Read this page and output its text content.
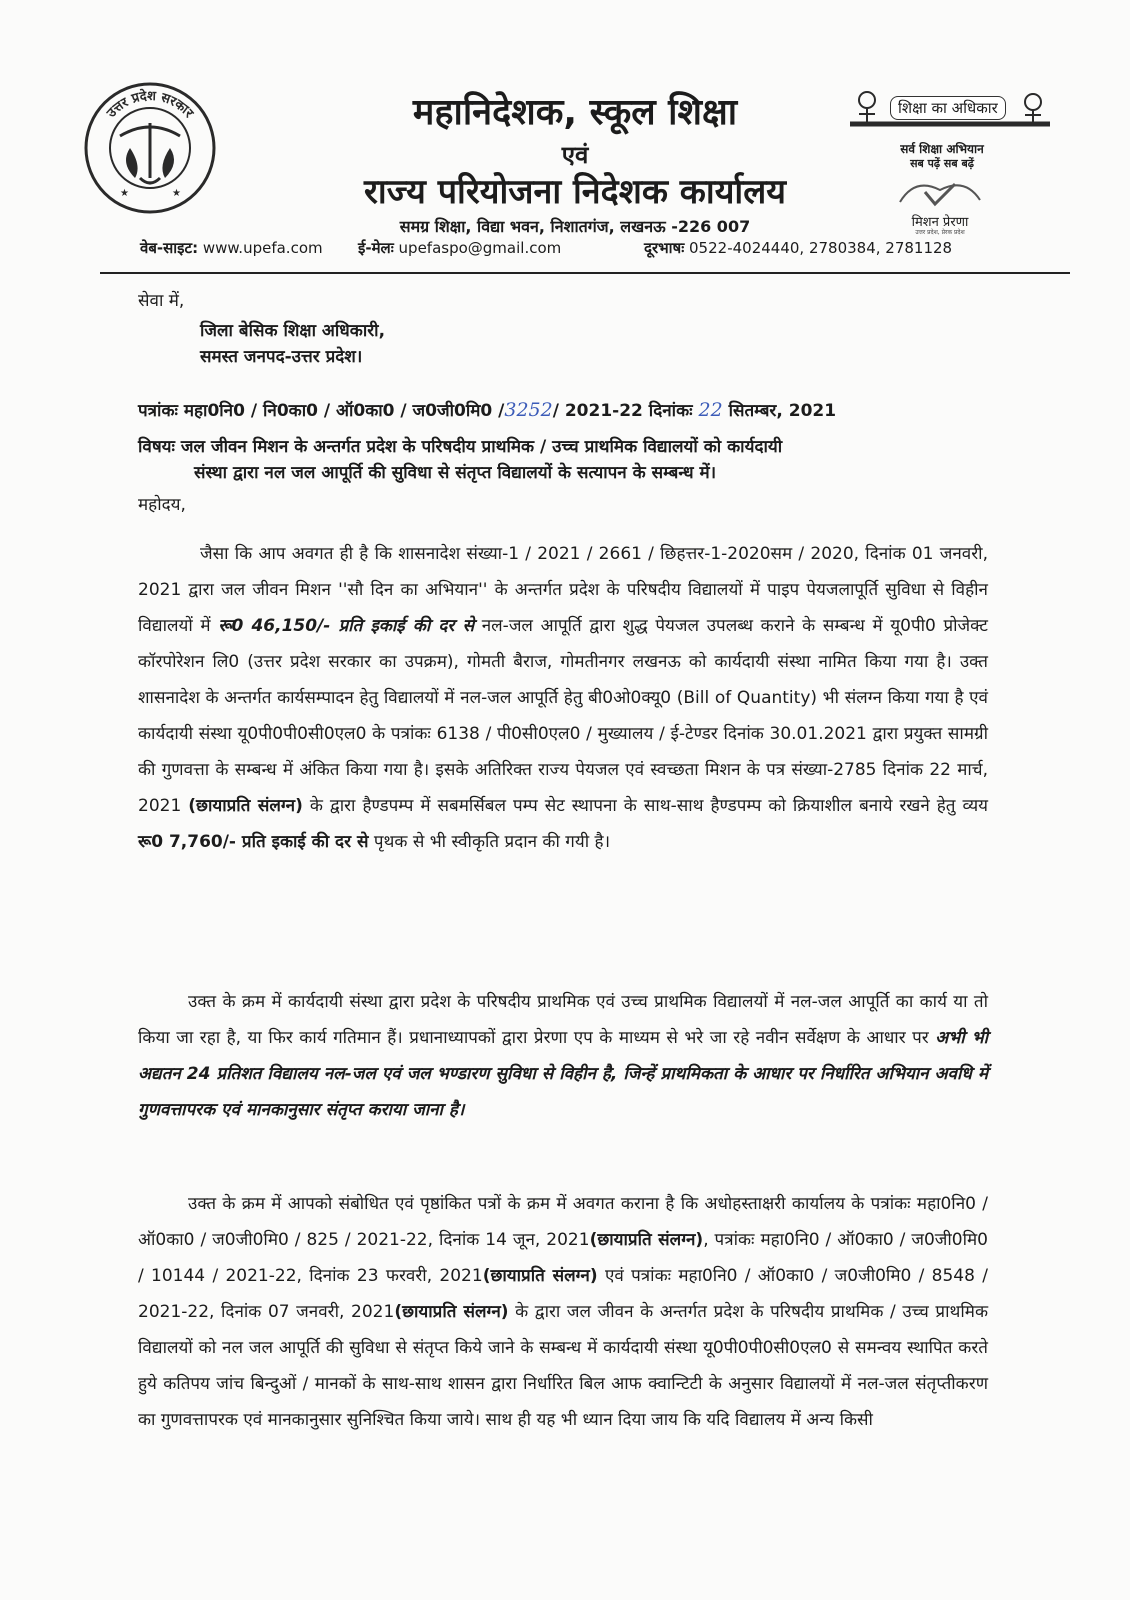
उत्तर प्रदेश सरकार
★	★
महानिदेशक, स्कूल शिक्षा
एवं
राज्य परियोजना निदेशक कार्यालय
समग्र शिक्षा, विद्या भवन, निशातगंज, लखनऊ -226 007
वेब-साइट: www.upefa.com ई-मेलः upefaspo@gmail.com	दूरभाषः 0522-4024440, 2780384, 2781128
शिक्षा का अधिकार
सर्व शिक्षा अभियान
सब पढ़ें सब बढ़ें
मिशन प्रेरणा
उत्तर प्रदेश, प्रेरक प्रदेश
सेवा में,
जिला बेसिक शिक्षा अधिकारी,
समस्त जनपद-उत्तर प्रदेश।
पत्रांकः महा0नि0 / नि0का0 / ऑ0का0 / ज0जी0मि0 /3252/ 2021-22 दिनांकः 22 सितम्बर, 2021
विषयः जल जीवन मिशन के अन्तर्गत प्रदेश के परिषदीय प्राथमिक / उच्च प्राथमिक विद्यालयों को कार्यदायी
संस्था द्वारा नल जल आपूर्ति की सुविधा से संतृप्त विद्यालयों के सत्यापन के सम्बन्ध में।
महोदय,
जैसा कि आप अवगत ही है कि शासनादेश संख्या-1 / 2021 / 2661 / छिहत्तर-1-2020सम / 2020, दिनांक 01 जनवरी, 2021 द्वारा जल जीवन मिशन ''सौ दिन का अभियान'' के अन्तर्गत प्रदेश के परिषदीय विद्यालयों में पाइप पेयजलापूर्ति सुविधा से विहीन विद्यालयों में रू0 46,150/- प्रति इकाई की दर से नल-जल आपूर्ति द्वारा शुद्ध पेयजल उपलब्ध कराने के सम्बन्ध में यू0पी0 प्रोजेक्ट कॉरपोरेशन लि0 (उत्तर प्रदेश सरकार का उपक्रम), गोमती बैराज, गोमतीनगर लखनऊ को कार्यदायी संस्था नामित किया गया है। उक्त शासनादेश के अन्तर्गत कार्यसम्पादन हेतु विद्यालयों में नल-जल आपूर्ति हेतु बी0ओ0क्यू0 (Bill of Quantity) भी संलग्न किया गया है एवं कार्यदायी संस्था यू0पी0पी0सी0एल0 के पत्रांकः 6138 / पी0सी0एल0 / मुख्यालय / ई-टेण्डर दिनांक 30.01.2021 द्वारा प्रयुक्त सामग्री की गुणवत्ता के सम्बन्ध में अंकित किया गया है। इसके अतिरिक्त राज्य पेयजल एवं स्वच्छता मिशन के पत्र संख्या-2785 दिनांक 22 मार्च, 2021 (छायाप्रति संलग्न) के द्वारा हैण्डपम्प में सबमर्सिबल पम्प सेट स्थापना के साथ-साथ हैण्डपम्प को क्रियाशील बनाये रखने हेतु व्यय रू0 7,760/- प्रति इकाई की दर से पृथक से भी स्वीकृति प्रदान की गयी है।
उक्त के क्रम में कार्यदायी संस्था द्वारा प्रदेश के परिषदीय प्राथमिक एवं उच्च प्राथमिक विद्यालयों में नल-जल आपूर्ति का कार्य या तो किया जा रहा है, या फिर कार्य गतिमान हैं। प्रधानाध्यापकों द्वारा प्रेरणा एप के माध्यम से भरे जा रहे नवीन सर्वेक्षण के आधार पर अभी भी अद्यतन 24 प्रतिशत विद्यालय नल-जल एवं जल भण्डारण सुविधा से विहीन है, जिन्हें प्राथमिकता के आधार पर निर्धारित अभियान अवधि में गुणवत्तापरक एवं मानकानुसार संतृप्त कराया जाना है।
उक्त के क्रम में आपको संबोधित एवं पृष्ठांकित पत्रों के क्रम में अवगत कराना है कि अधोहस्ताक्षरी कार्यालय के पत्रांकः महा0नि0 / ऑ0का0 / ज0जी0मि0 / 825 / 2021-22, दिनांक 14 जून, 2021(छायाप्रति संलग्न), पत्रांकः महा0नि0 / ऑ0का0 / ज0जी0मि0 / 10144 / 2021-22, दिनांक 23 फरवरी, 2021(छायाप्रति संलग्न) एवं पत्रांकः महा0नि0 / ऑ0का0 / ज0जी0मि0 / 8548 / 2021-22, दिनांक 07 जनवरी, 2021(छायाप्रति संलग्न) के द्वारा जल जीवन के अन्तर्गत प्रदेश के परिषदीय प्राथमिक / उच्च प्राथमिक विद्यालयों को नल जल आपूर्ति की सुविधा से संतृप्त किये जाने के सम्बन्ध में कार्यदायी संस्था यू0पी0पी0सी0एल0 से समन्वय स्थापित करते हुये कतिपय जांच बिन्दुओं / मानकों के साथ-साथ शासन द्वारा निर्धारित बिल आफ क्वान्टिटी के अनुसार विद्यालयों में नल-जल संतृप्तीकरण का गुणवत्तापरक एवं मानकानुसार सुनिश्चित किया जाये। साथ ही यह भी ध्यान दिया जाय कि यदि विद्यालय में अन्य किसी
